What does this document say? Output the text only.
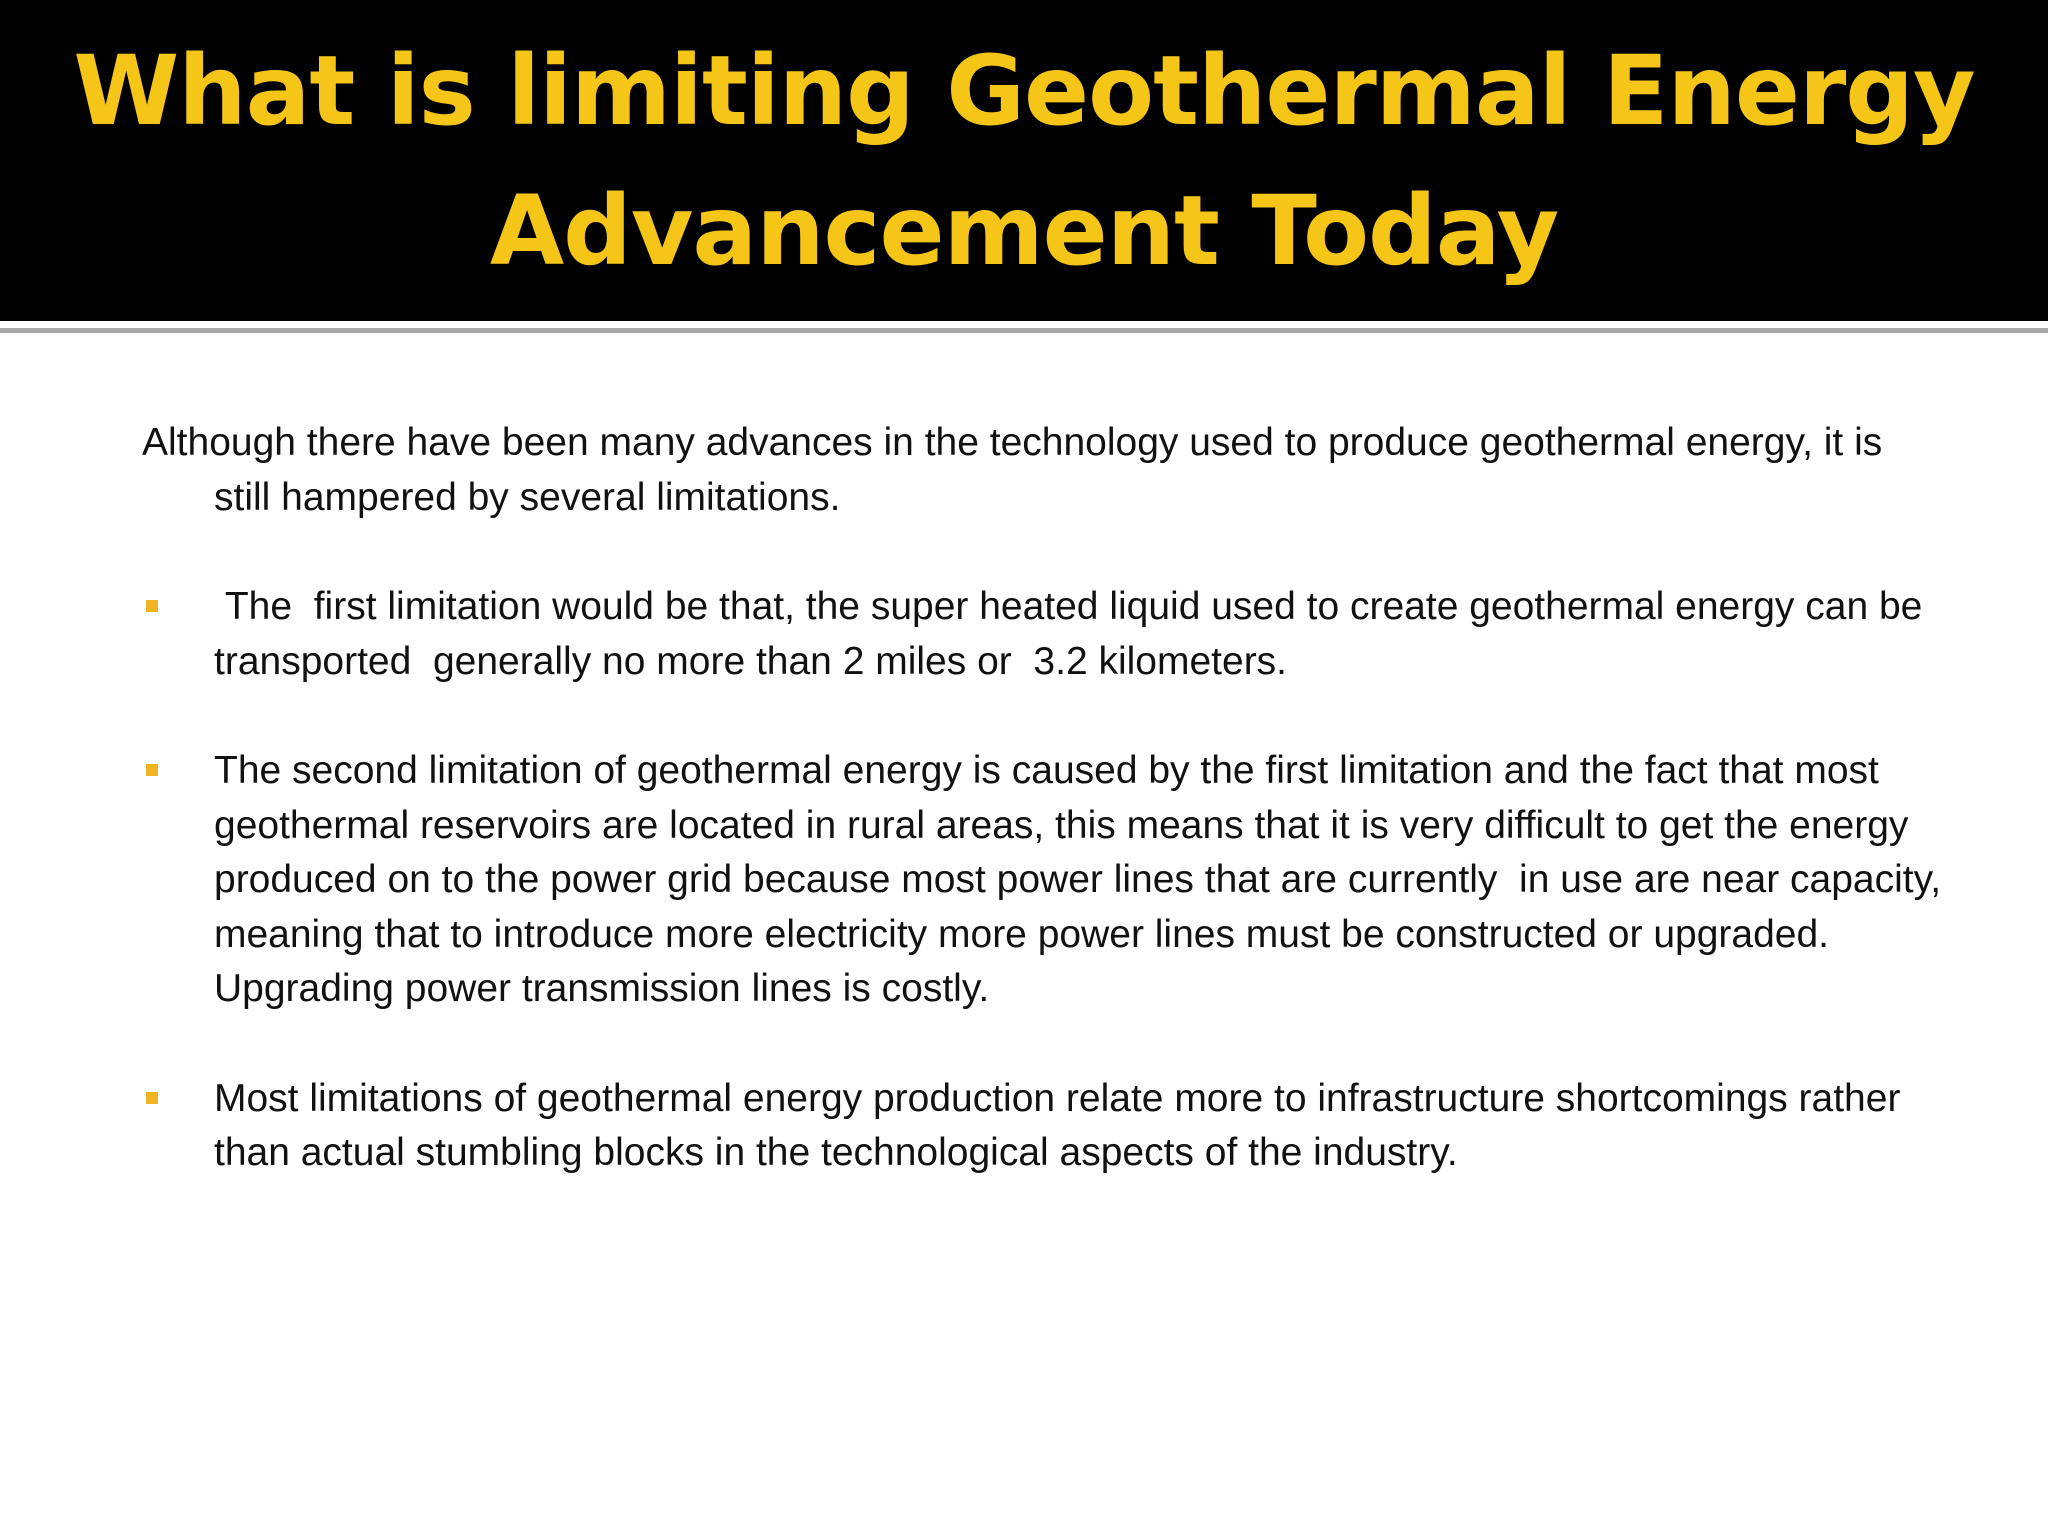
What is limiting Geothermal Energy
Advancement Today

Although there have been many advances in the technology used to produce geothermal energy, it is still hampered by several limitations.

The  first limitation would be that, the super heated liquid used to create geothermal energy can be transported  generally no more than 2 miles or  3.2 kilometers.
The second limitation of geothermal energy is caused by the first limitation and the fact that most geothermal reservoirs are located in rural areas, this means that it is very difficult to get the energy produced on to the power grid because most power lines that are currently  in use are near capacity, meaning that to introduce more electricity more power lines must be constructed or upgraded. Upgrading power transmission lines is costly.
Most limitations of geothermal energy production relate more to infrastructure shortcomings rather than actual stumbling blocks in the technological aspects of the industry.
